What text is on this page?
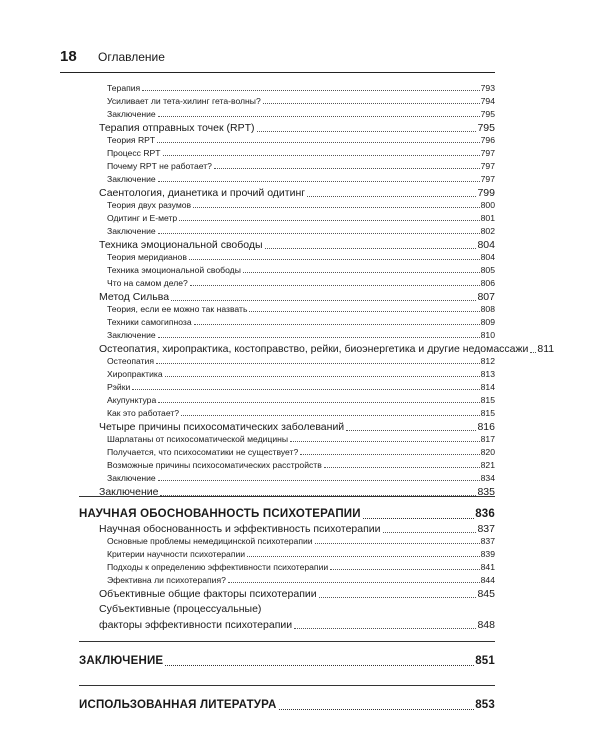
18 Оглавление
Терапия	793
Усиливает ли тета-хилинг гета-волны?	794
Заключение	795
Терапия отправных точек (RPT)	795
Теория RPT	796
Процесс RPT	797
Почему RPT не работает?	797
Заключение	797
Саентология, дианетика и прочий одитинг	799
Теория двух разумов	800
Одитинг и Е-метр	801
Заключение	802
Техника эмоциональной свободы	804
Теория меридианов	804
Техника эмоциональной свободы	805
Что на самом деле?	806
Метод Сильва	807
Теория, если ее можно так назвать	808
Техники самогипноза	809
Заключение	810
Остеопатия, хиропрактика, костоправство, рейки, биоэнергетика и другие недомассажи 811
Остеопатия	812
Хиропрактика	813
Рэйки	814
Акупунктура	815
Как это работает?	815
Четыре причины психосоматических заболеваний	816
Шарлатаны от психосоматической медицины	817
Получается, что психосоматики не существует?	820
Возможные причины психосоматических расстройств	821
Заключение	834
Заключение	835
НАУЧНАЯ ОБОСНОВАННОСТЬ ПСИХОТЕРАПИИ	836
Научная обоснованность и эффективность психотерапии	837
Основные проблемы немедицинской психотерапии	837
Критерии научности психотерапии	839
Подходы к определению эффективности психотерапии	841
Эфективна ли психотерапия?	844
Объективные общие факторы психотерапии	845
Субъективные (процессуальные)
факторы эффективности психотерапии	848
ЗАКЛЮЧЕНИЕ	851
ИСПОЛЬЗОВАННАЯ ЛИТЕРАТУРА	853
